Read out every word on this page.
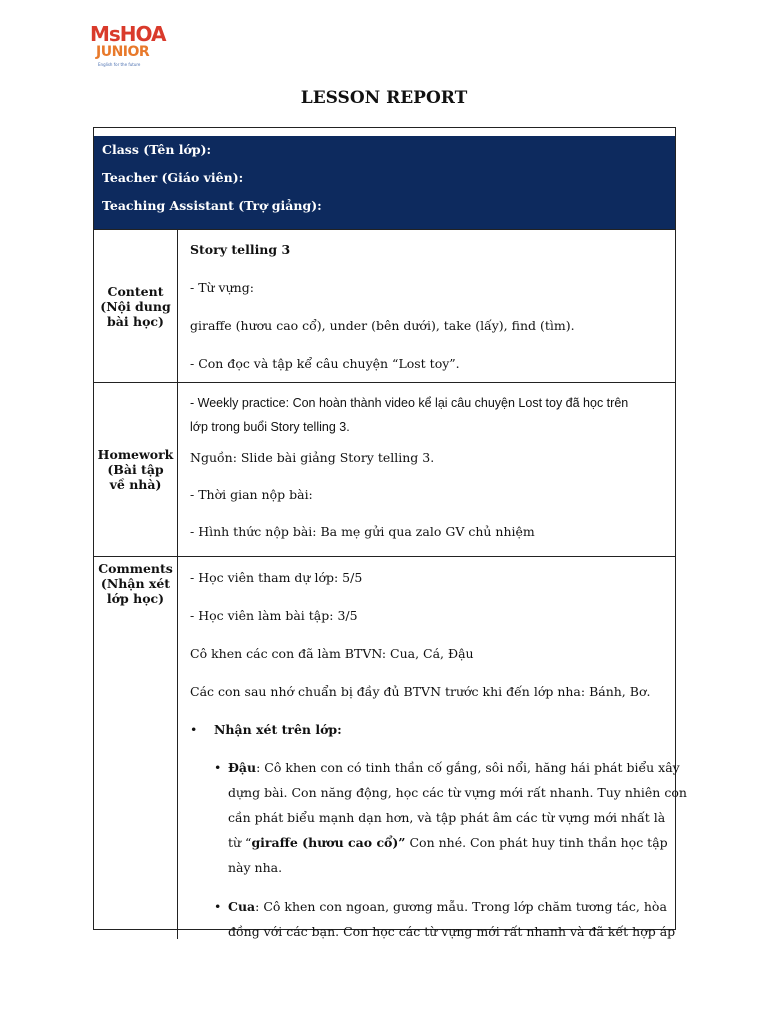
MsHOA
JUNIOR
English for the future
LESSON REPORT
Class (Tên lớp):
Teacher (Giáo viên):
Teaching Assistant (Trợ giảng):
Content (Nội dung bài học)
Story telling 3
- Từ vựng:
giraffe (hươu cao cổ), under (bên dưới), take (lấy), find (tìm).
- Con đọc và tập kể câu chuyện “Lost toy”.
Homework (Bài tập về nhà)
- Weekly practice: Con hoàn thành video kể lại câu chuyện Lost toy đã học trên
lớp trong buổi Story telling 3.
Nguồn: Slide bài giảng Story telling 3.
- Thời gian nộp bài:
- Hình thức nộp bài: Ba mẹ gửi qua zalo GV chủ nhiệm
Comments (Nhận xét lớp học)
- Học viên tham dự lớp: 5/5
- Học viên làm bài tập: 3/5
Cô khen các con đã làm BTVN: Cua, Cá, Đậu
Các con sau nhớ chuẩn bị đầy đủ BTVN trước khi đến lớp nha: Bánh, Bơ.
•	Nhận xét trên lớp:
• Đậu: Cô khen con có tinh thần cố gắng, sôi nổi, hăng hái phát biểu xây
dựng bài. Con năng động, học các từ vựng mới rất nhanh. Tuy nhiên con
cần phát biểu mạnh dạn hơn, và tập phát âm các từ vựng mới nhất là
từ “giraffe (hươu cao cổ)” Con nhé. Con phát huy tinh thần học tập
này nha.
• Cua: Cô khen con ngoan, gương mẫu. Trong lớp chăm tương tác, hòa
đồng với các bạn. Con học các từ vựng mới rất nhanh và đã kết hợp áp
